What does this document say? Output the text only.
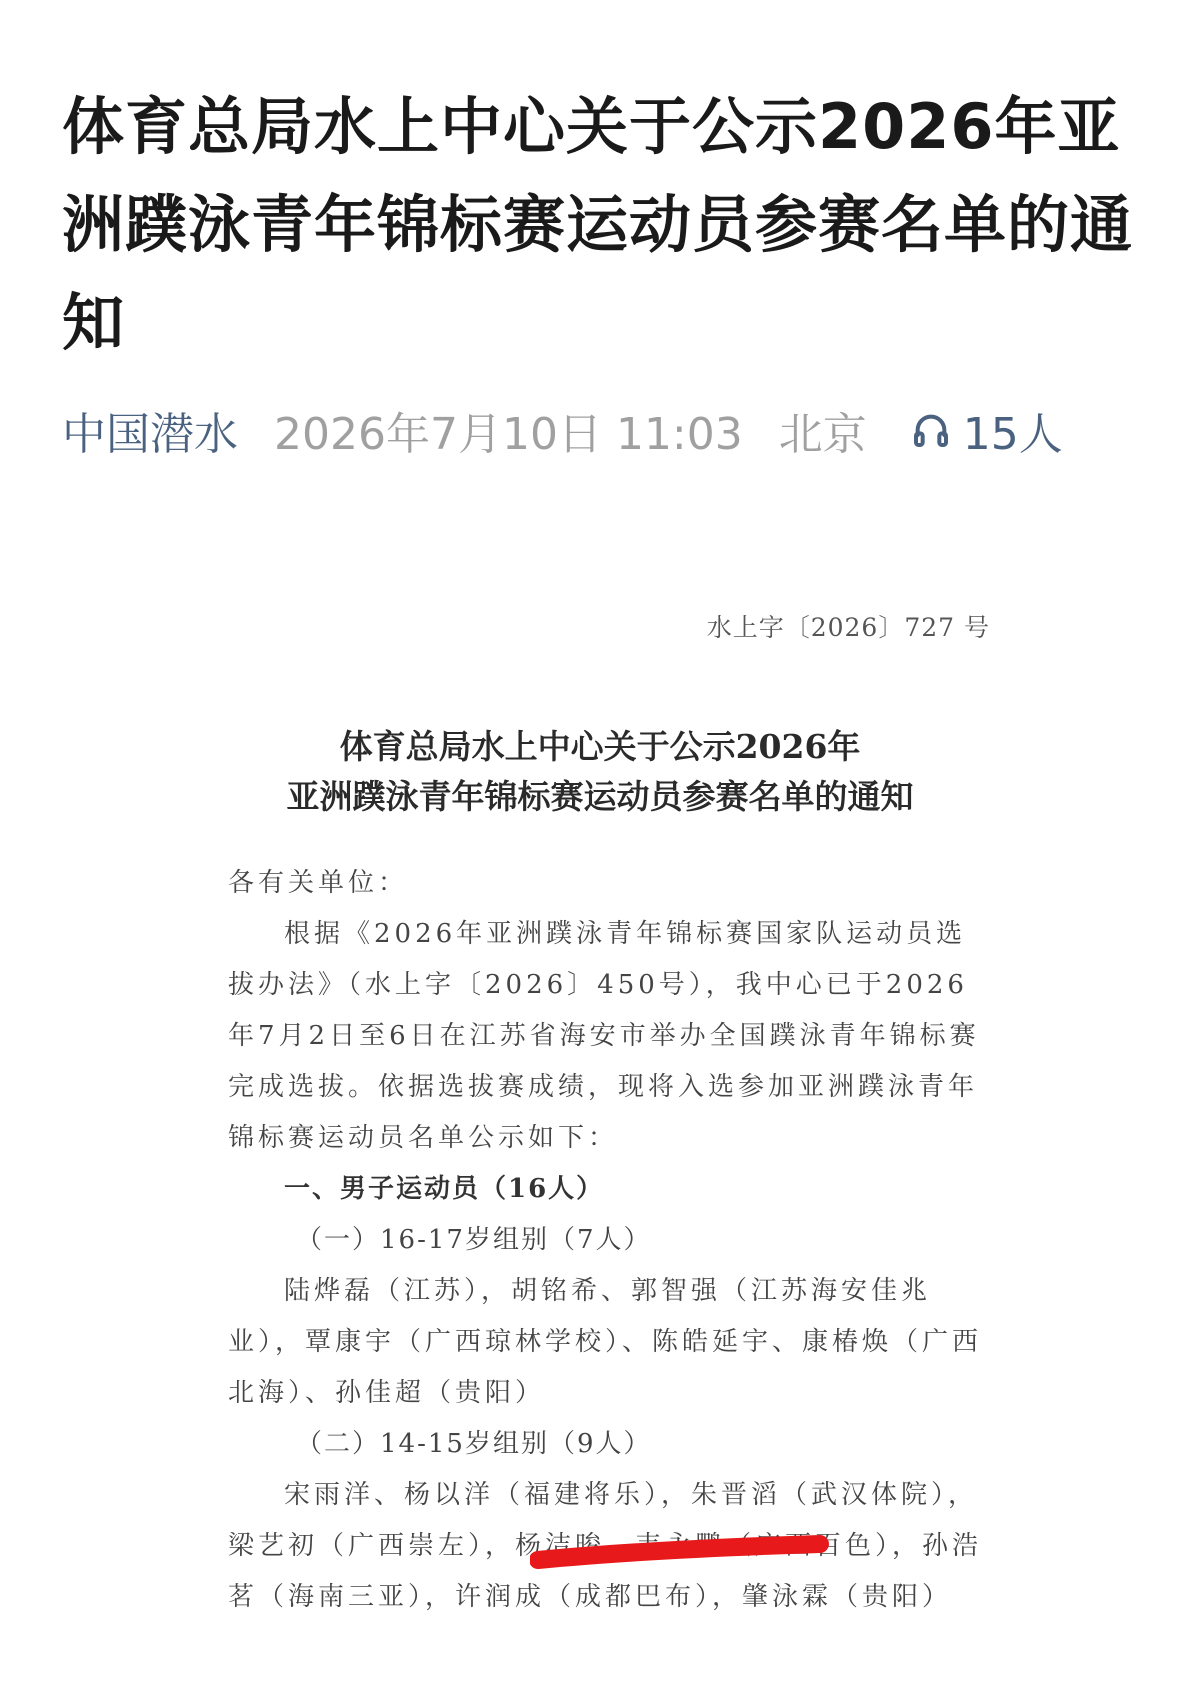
体育总局水上中心关于公示2026年亚洲蹼泳青年锦标赛运动员参赛名单的通知
中国潜水 2026年7月10日 11:03 北京 15人
水上字〔2026〕727 号
体育总局水上中心关于公示2026年
亚洲蹼泳青年锦标赛运动员参赛名单的通知

各有关单位：

根据《2026年亚洲蹼泳青年锦标赛国家队运动员选拔办法》（水上字〔2026〕450号），我中心已于2026年7月2日至6日在江苏省海安市举办全国蹼泳青年锦标赛完成选拔。依据选拔赛成绩，现将入选参加亚洲蹼泳青年锦标赛运动员名单公示如下：

一、男子运动员（16人）

（一）16-17岁组别（7人）

陆烨磊（江苏），胡铭希、郭智强（江苏海安佳兆业），覃康宇（广西琼林学校）、陈皓延宇、康椿焕（广西北海）、孙佳超（贵阳）

（二）14-15岁组别（9人）

宋雨洋、杨以洋（福建将乐），朱晋滔（武汉体院），梁艺初（广西崇左），杨洁晙、韦永鹏（广西百色），孙浩茗（海南三亚），许润成（成都巴布），肇泳霖（贵阳）
